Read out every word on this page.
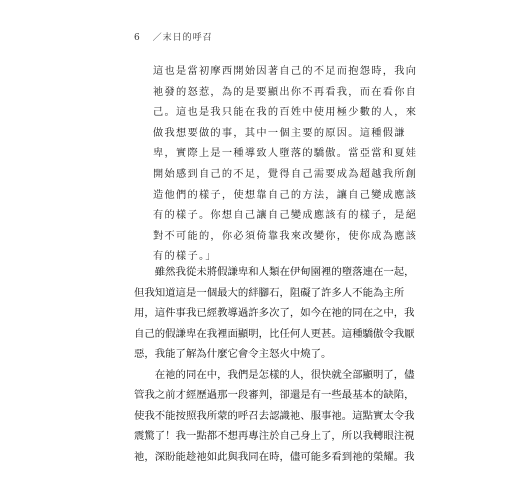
6 ／末日的呼召
這也是當初摩西開始因著自己的不足而抱怨時，我向
祂發的怒惹，為的是要顯出你不再看我，而在看你自
己。這也是我只能在我的百姓中使用極少數的人，來
做我想要做的事，其中一個主要的原因。這種假謙
卑，實際上是一種導致人墮落的驕傲。當亞當和夏娃
開始感到自己的不足，覺得自己需要成為超越我所創
造他們的樣子，使想靠自己的方法，讓自己變成應該
有的樣子。你想自己讓自己變成應該有的樣子，是絕
對不可能的，你必須倚靠我來改變你，使你成為應該
有的樣子。」
　　雖然我從未將假謙卑和人類在伊甸園裡的墮落連在一起，
但我知道這是一個最大的絆腳石，阻礙了許多人不能為主所
用，這件事我已經教導過許多次了，如今在祂的同在之中，我
自己的假謙卑在我裡面顯明，比任何人更甚。這種驕傲令我厭
惡，我能了解為什麼它會令主怒火中燒了。
　　在祂的同在中，我們是怎樣的人，很快就全部顯明了，儘
管我之前才經歷過那一段審判，卻還是有一些最基本的缺陷，
使我不能按照我所蒙的呼召去認識祂、服事祂。這點實太令我
震驚了！我一點都不想再專注於自己身上了，所以我轉眼注視
祂，深盼能趁祂如此與我同在時，儘可能多看到祂的榮耀。我
